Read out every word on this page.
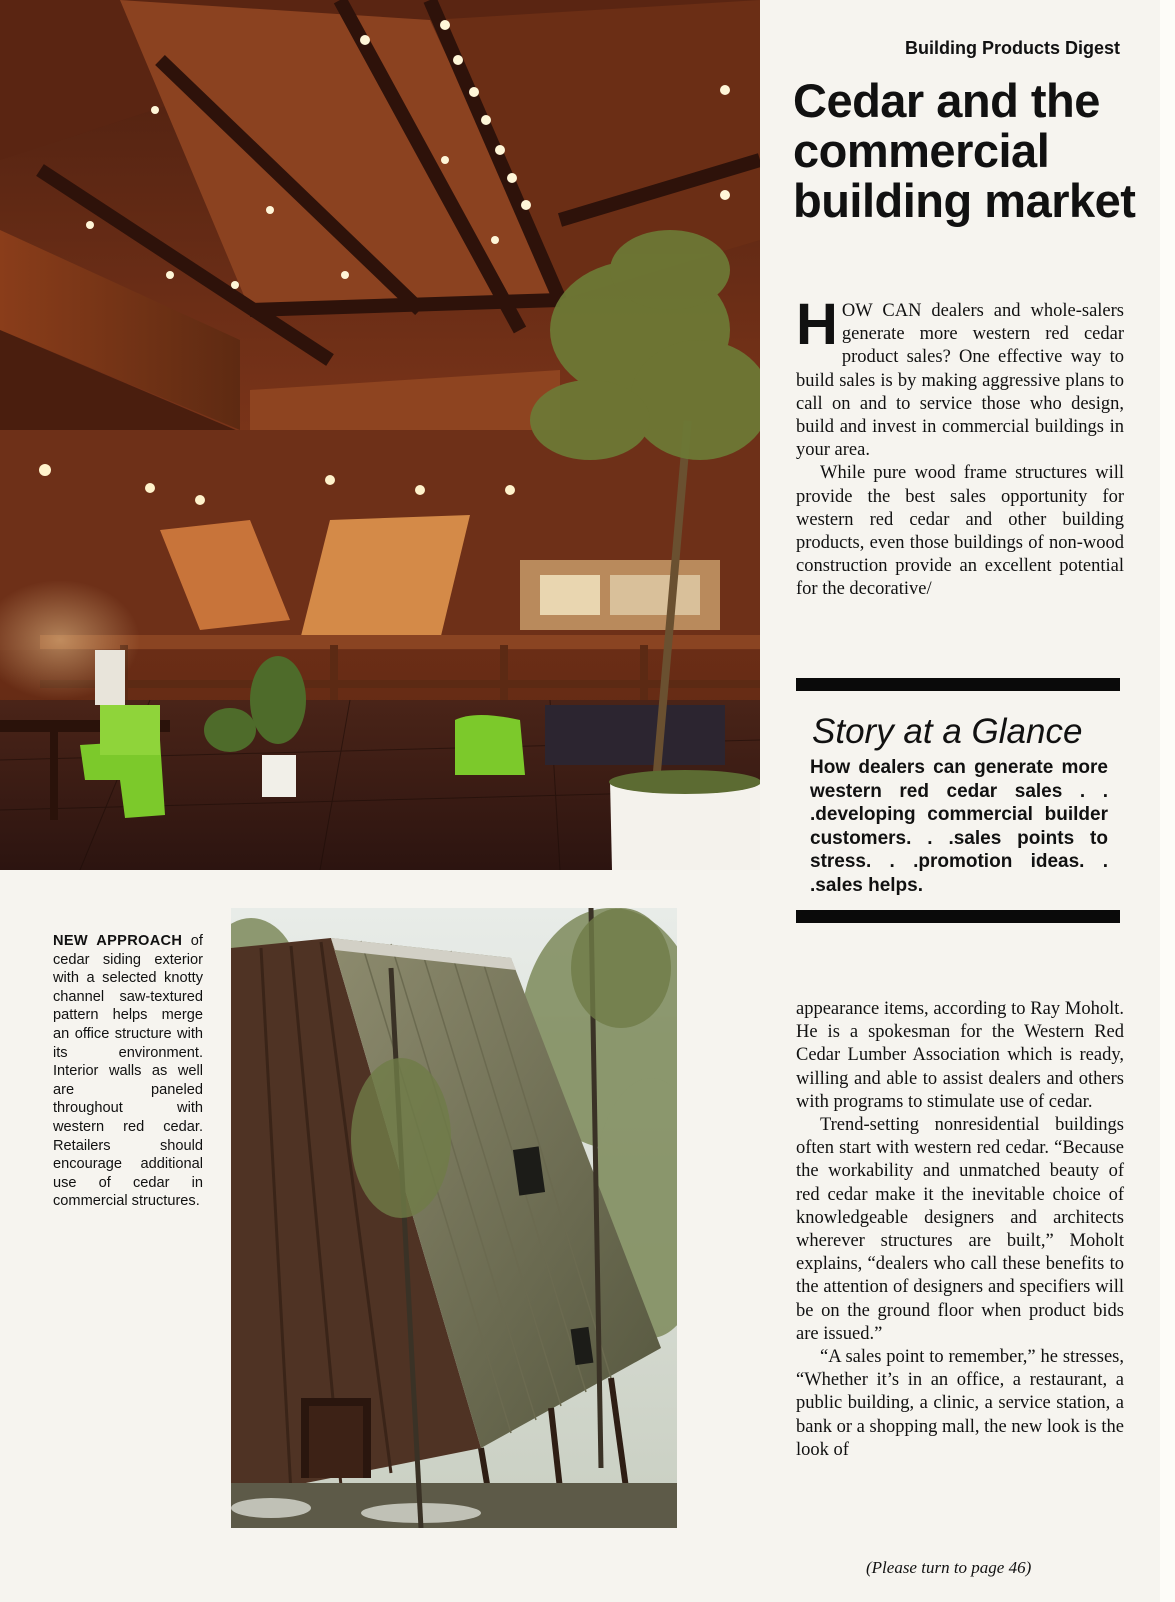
Building Products Digest
Cedar and the
commercial
building market

HOW CAN dealers and whole-salers generate more western red cedar product sales? One effective way to build sales is by making aggressive plans to call on and to service those who design, build and invest in commercial buildings in your area.

While pure wood frame structures will provide the best sales opportunity for western red cedar and other building products, even those buildings of non-wood construction provide an excellent potential for the decorative/

Story at a Glance

How dealers can generate more western red cedar sales . . .developing commercial builder customers. . .sales points to stress. . .promotion ideas. . .sales helps.

NEW APPROACH of cedar siding exterior with a selected knotty channel saw-textured pattern helps merge an office structure with its environment. Interior walls as well are paneled throughout with western red cedar. Retailers should encourage additional use of cedar in commercial structures.

appearance items, according to Ray Moholt. He is a spokesman for the Western Red Cedar Lumber Association which is ready, willing and able to assist dealers and others with programs to stimulate use of cedar.

Trend-setting nonresidential buildings often start with western red cedar. “Because the workability and unmatched beauty of red cedar make it the inevitable choice of knowledgeable designers and architects wherever structures are built,” Moholt explains, “dealers who call these benefits to the attention of designers and specifiers will be on the ground floor when product bids are issued.”

“A sales point to remember,” he stresses, “Whether it’s in an office, a restaurant, a public building, a clinic, a service station, a bank or a shopping mall, the new look is the look of

(Please turn to page 46)
